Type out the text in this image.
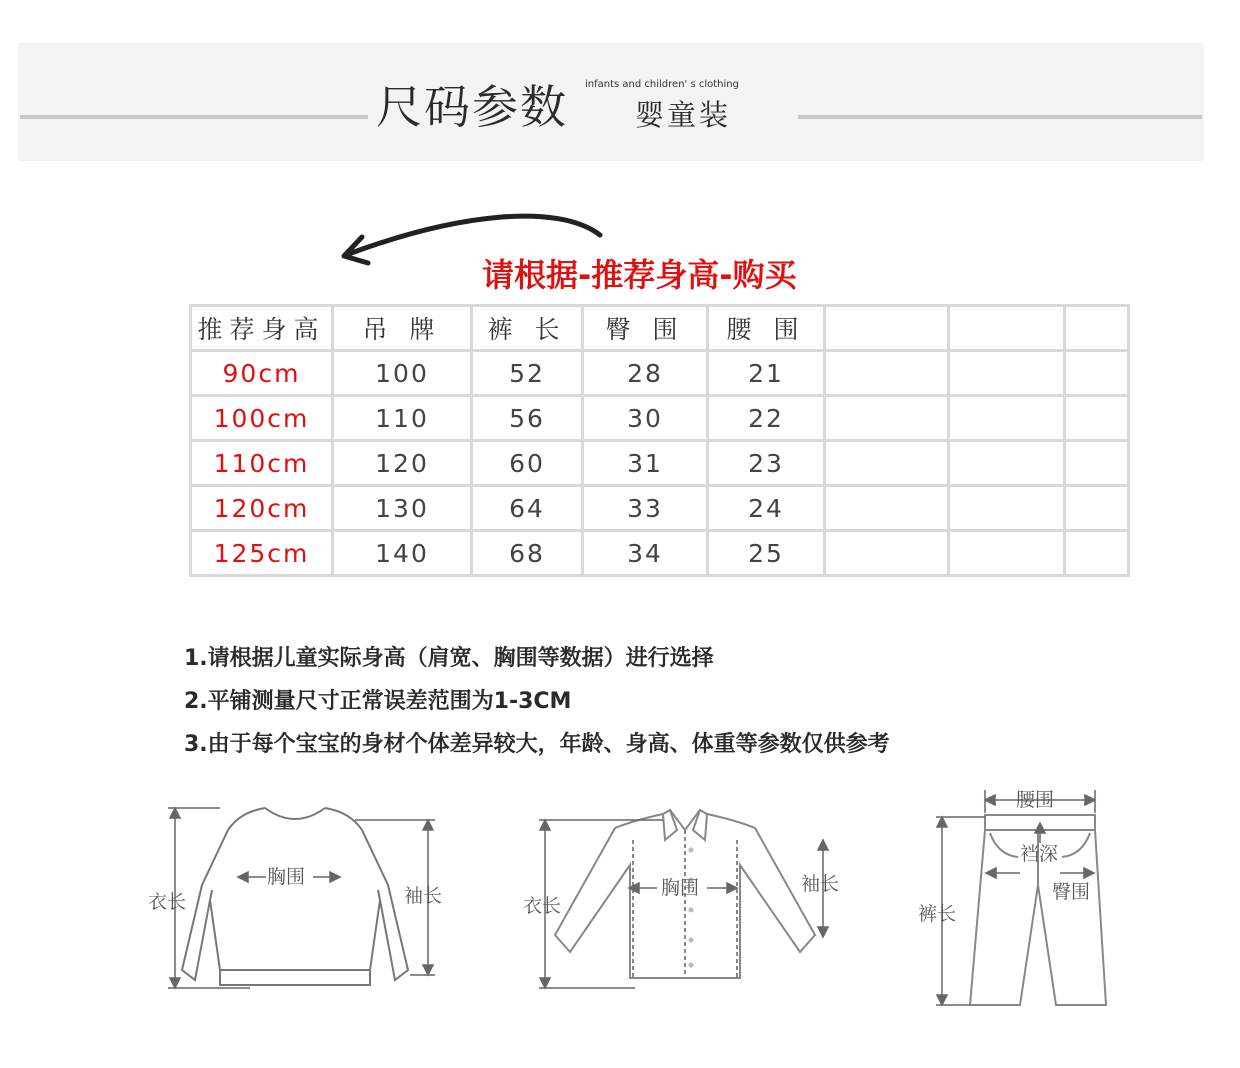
尺码参数 infants and children' s clothing
婴童装
请根据-推荐身高-购买
推荐身高	吊 牌	裤 长	臀 围	腰 围			
90cm	100	52	28	21			
100cm	110	56	30	22			
110cm	120	60	31	23			
120cm	130	64	33	24			
125cm	140	68	34	25			
1.请根据儿童实际身高（肩宽、胸围等数据）进行选择
2.平铺测量尺寸正常误差范围为1-3CM
3.由于每个宝宝的身材个体差异较大，年龄、身高、体重等参数仅供参考
衣长
胸围
袖长	衣长
胸围	袖长
腰围
裆深
臀围
裤长
